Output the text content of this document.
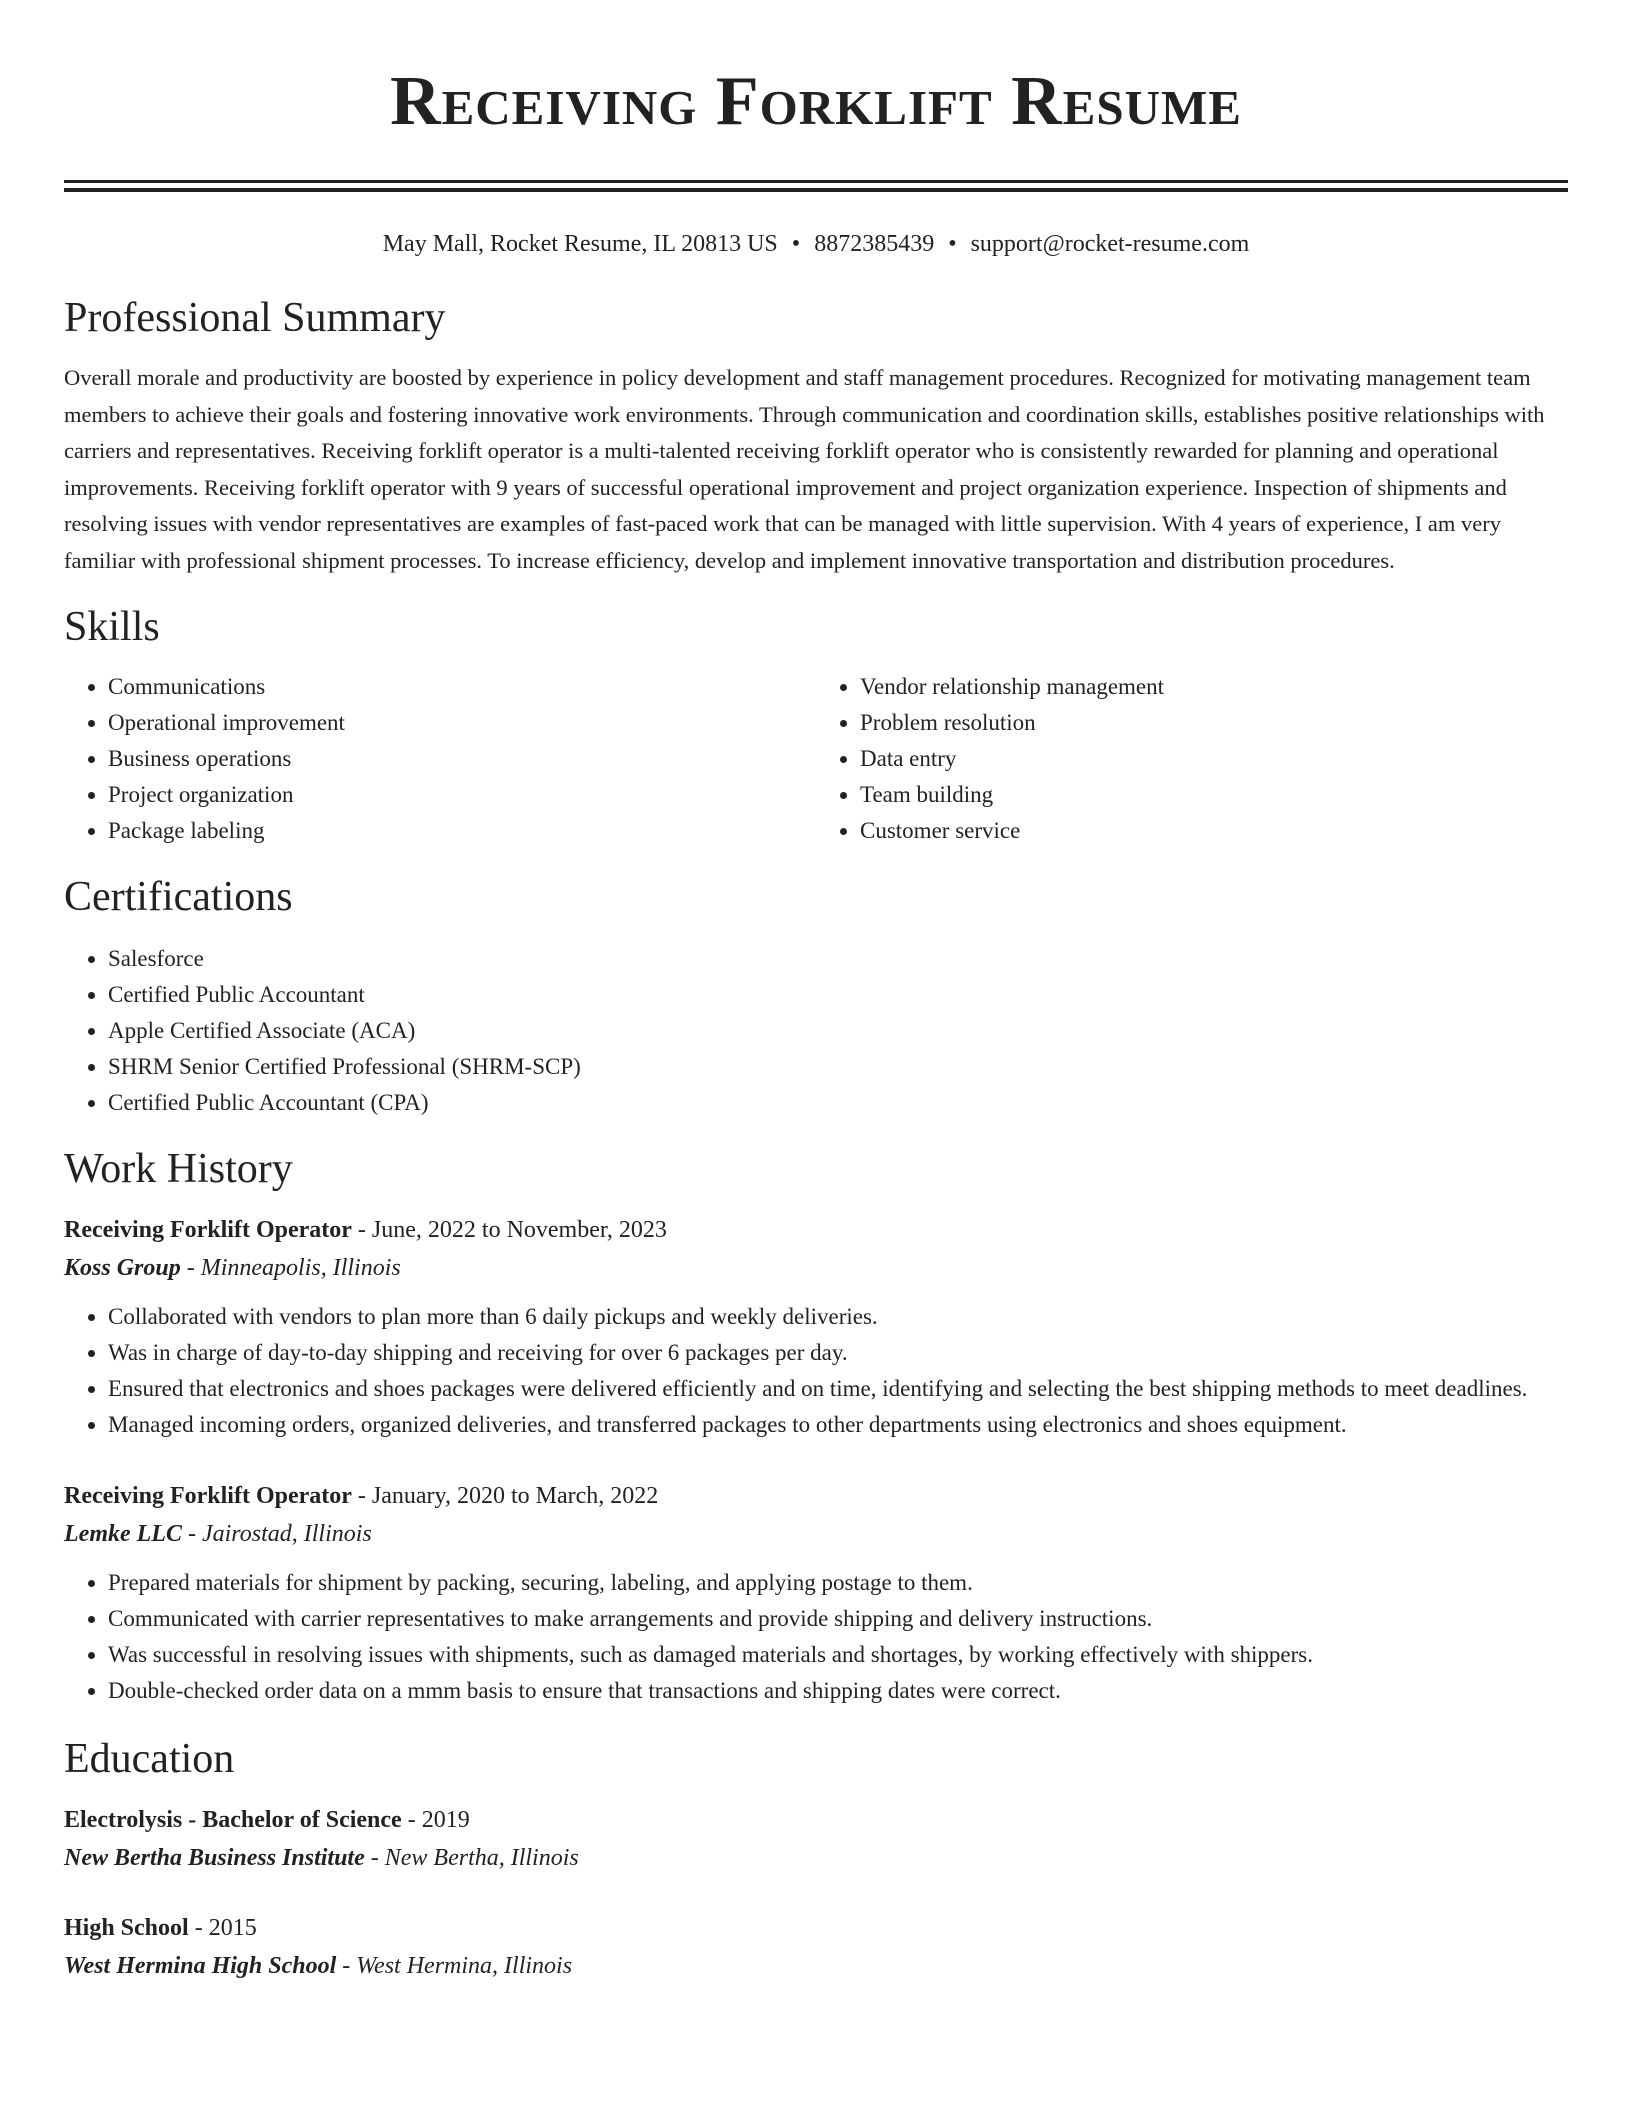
Receiving Forklift Resume
May Mall, Rocket Resume, IL 20813 US • 8872385439 • support@rocket-resume.com
Professional Summary

Overall morale and productivity are boosted by experience in policy development and staff management procedures. Recognized for motivating management team members to achieve their goals and fostering innovative work environments. Through communication and coordination skills, establishes positive relationships with carriers and representatives. Receiving forklift operator is a multi-talented receiving forklift operator who is consistently rewarded for planning and operational improvements. Receiving forklift operator with 9 years of successful operational improvement and project organization experience. Inspection of shipments and resolving issues with vendor representatives are examples of fast-paced work that can be managed with little supervision. With 4 years of experience, I am very familiar with professional shipment processes. To increase efficiency, develop and implement innovative transportation and distribution procedures.

Skills
• Communications
• Operational improvement
• Business operations
• Project organization
• Package labeling
• Vendor relationship management
• Problem resolution
• Data entry
• Team building
• Customer service
Certifications
• Salesforce
• Certified Public Accountant
• Apple Certified Associate (ACA)
• SHRM Senior Certified Professional (SHRM-SCP)
• Certified Public Accountant (CPA)
Work History
Receiving Forklift Operator - June, 2022 to November, 2023
Koss Group - Minneapolis, Illinois
• Collaborated with vendors to plan more than 6 daily pickups and weekly deliveries.
• Was in charge of day-to-day shipping and receiving for over 6 packages per day.
• Ensured that electronics and shoes packages were delivered efficiently and on time, identifying and selecting the best shipping methods to meet deadlines.
• Managed incoming orders, organized deliveries, and transferred packages to other departments using electronics and shoes equipment.
Receiving Forklift Operator - January, 2020 to March, 2022
Lemke LLC - Jairostad, Illinois
• Prepared materials for shipment by packing, securing, labeling, and applying postage to them.
• Communicated with carrier representatives to make arrangements and provide shipping and delivery instructions.
• Was successful in resolving issues with shipments, such as damaged materials and shortages, by working effectively with shippers.
• Double-checked order data on a mmm basis to ensure that transactions and shipping dates were correct.
Education
Electrolysis - Bachelor of Science - 2019
New Bertha Business Institute - New Bertha, Illinois
High School - 2015
West Hermina High School - West Hermina, Illinois
